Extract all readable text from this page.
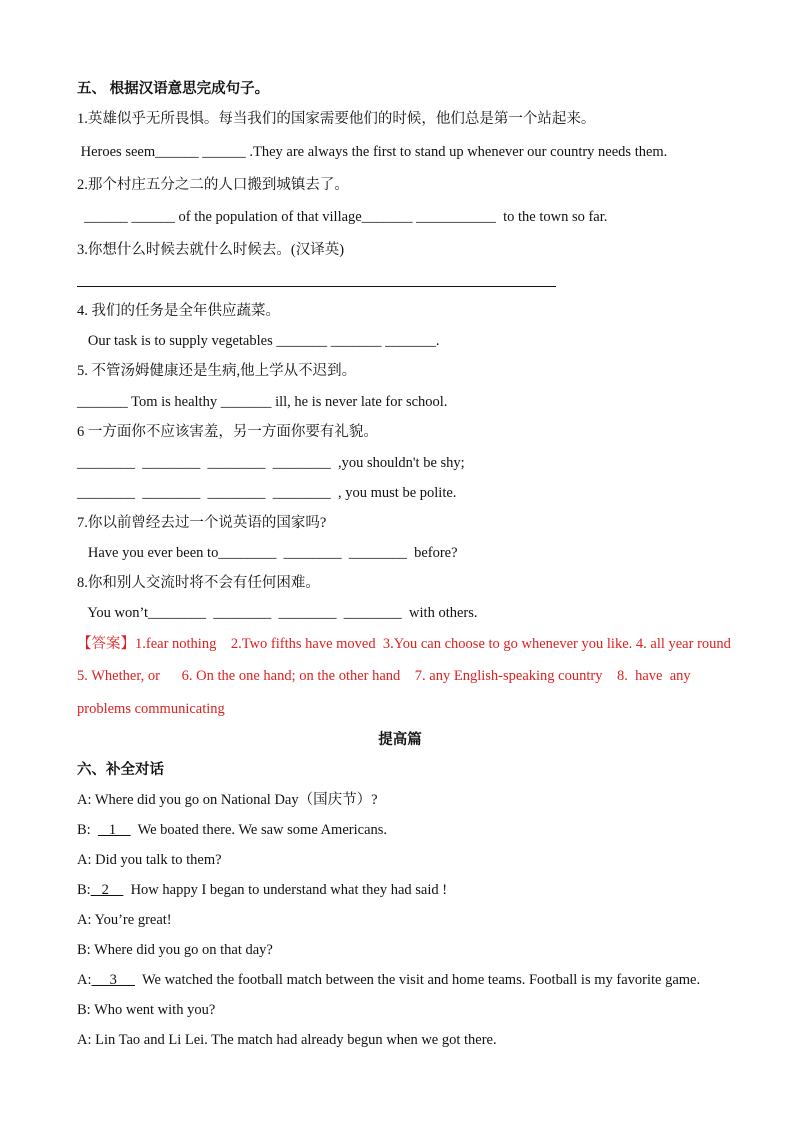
五、 根据汉语意思完成句子。
1.英雄似乎无所畏惧。每当我们的国家需要他们的时候，他们总是第一个站起来。
Heroes seem______ ______ .They are always the first to stand up whenever our country needs them.
2.那个村庄五分之二的人口搬到城镇去了。
______ ______ of the population of that village_______ ___________  to the town so far.
3.你想什么时候去就什么时候去。(汉译英)
4. 我们的任务是全年供应蔬菜。
Our task is to supply vegetables _______ _______ _______.
5. 不管汤姆健康还是生病,他上学从不迟到。
_______ Tom is healthy _______ ill, he is never late for school.
6 一方面你不应该害羞，另一方面你要有礼貌。
________  ________  ________  ________  ,you shouldn't be shy;
________  ________  ________  ________  , you must be polite.
7.你以前曾经去过一个说英语的国家吗?
Have you ever been to________  ________  ________  before?
8.你和别人交流时将不会有任何困难。
You won’t________  ________  ________  ________  with others.
【答案】1.fear nothing    2.Two fifths have moved  3.You can choose to go whenever you like. 4. all year round
5. Whether, or      6. On the one hand; on the other hand    7. any English-speaking country    8.  have  any
problems communicating
提高篇
六、补全对话
A: Where did you go on National Day（国庆节）?
B:     1      We boated there. We saw some Americans.
A: Did you talk to them?
B:   2      How happy I began to understand what they had said !
A: You’re great!
B: Where did you go on that day?
A:     3       We watched the football match between the visit and home teams. Football is my favorite game.
B: Who went with you?
A: Lin Tao and Li Lei. The match had already begun when we got there.
